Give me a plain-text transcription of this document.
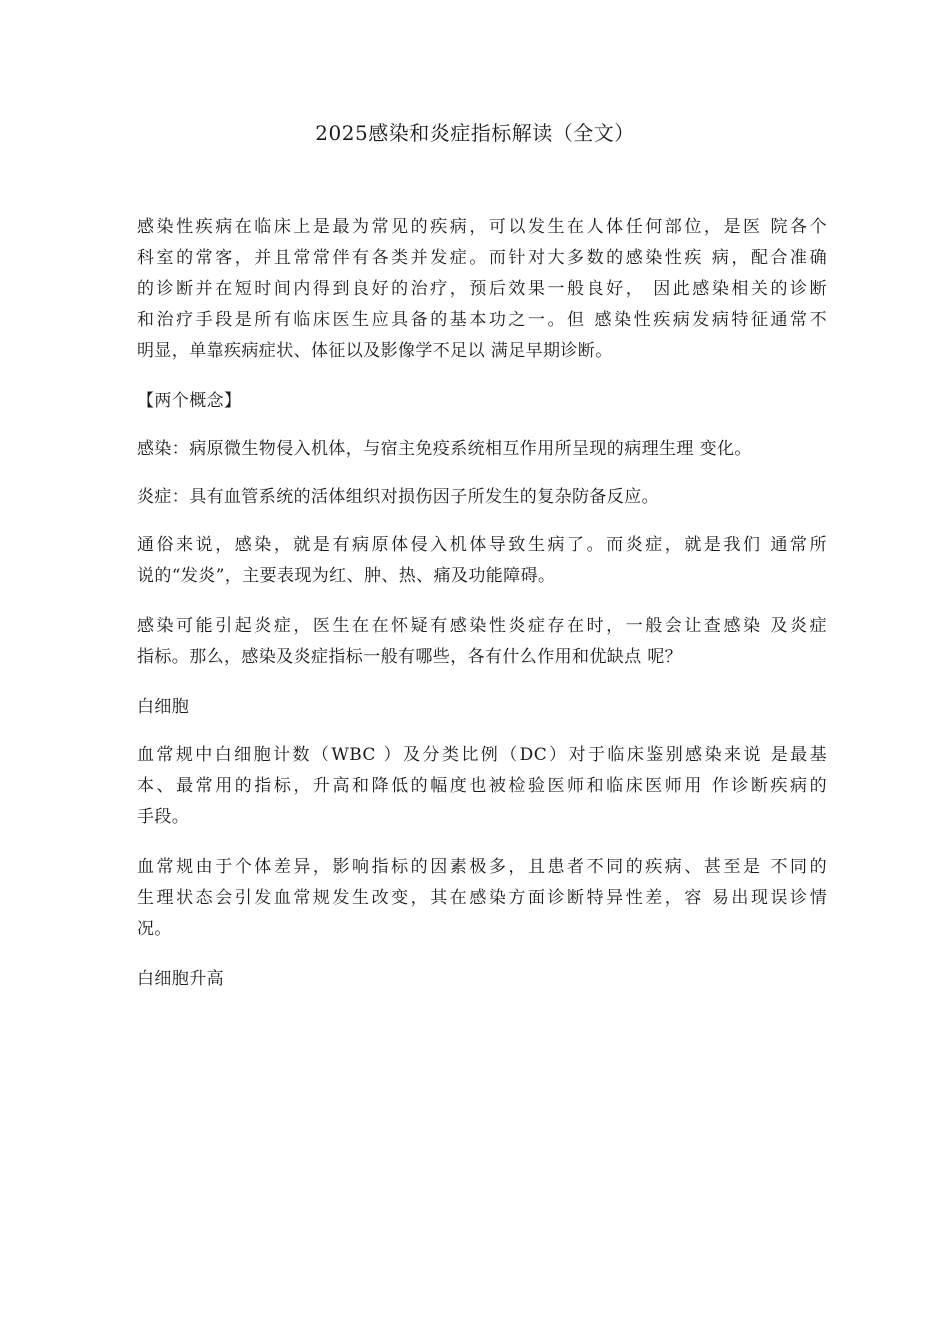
2025感染和炎症指标解读（全文）
感染性疾病在临床上是最为常见的疾病，可以发生在人体任何部位，是医 院各个
科室的常客，并且常常伴有各类并发症。而针对大多数的感染性疾 病，配合准确
的诊断并在短时间内得到良好的治疗，预后效果一般良好， 因此感染相关的诊断
和治疗手段是所有临床医生应具备的基本功之一。但 感染性疾病发病特征通常不
明显，单靠疾病症状、体征以及影像学不足以 满足早期诊断。
【两个概念】
感染：病原微生物侵入机体，与宿主免疫系统相互作用所呈现的病理生理 变化。
炎症：具有血管系统的活体组织对损伤因子所发生的复杂防备反应。
通俗来说，感染，就是有病原体侵入机体导致生病了。而炎症，就是我们 通常所
说的“发炎”，主要表现为红、肿、热、痛及功能障碍。
感染可能引起炎症，医生在在怀疑有感染性炎症存在时，一般会让查感染 及炎症
指标。那么，感染及炎症指标一般有哪些，各有什么作用和优缺点 呢？
白细胞
血常规中白细胞计数（WBC ）及分类比例（DC）对于临床鉴别感染来说 是最基
本、最常用的指标，升高和降低的幅度也被检验医师和临床医师用 作诊断疾病的
手段。
血常规由于个体差异，影响指标的因素极多，且患者不同的疾病、甚至是 不同的
生理状态会引发血常规发生改变，其在感染方面诊断特异性差，容 易出现误诊情
况。
白细胞升高
